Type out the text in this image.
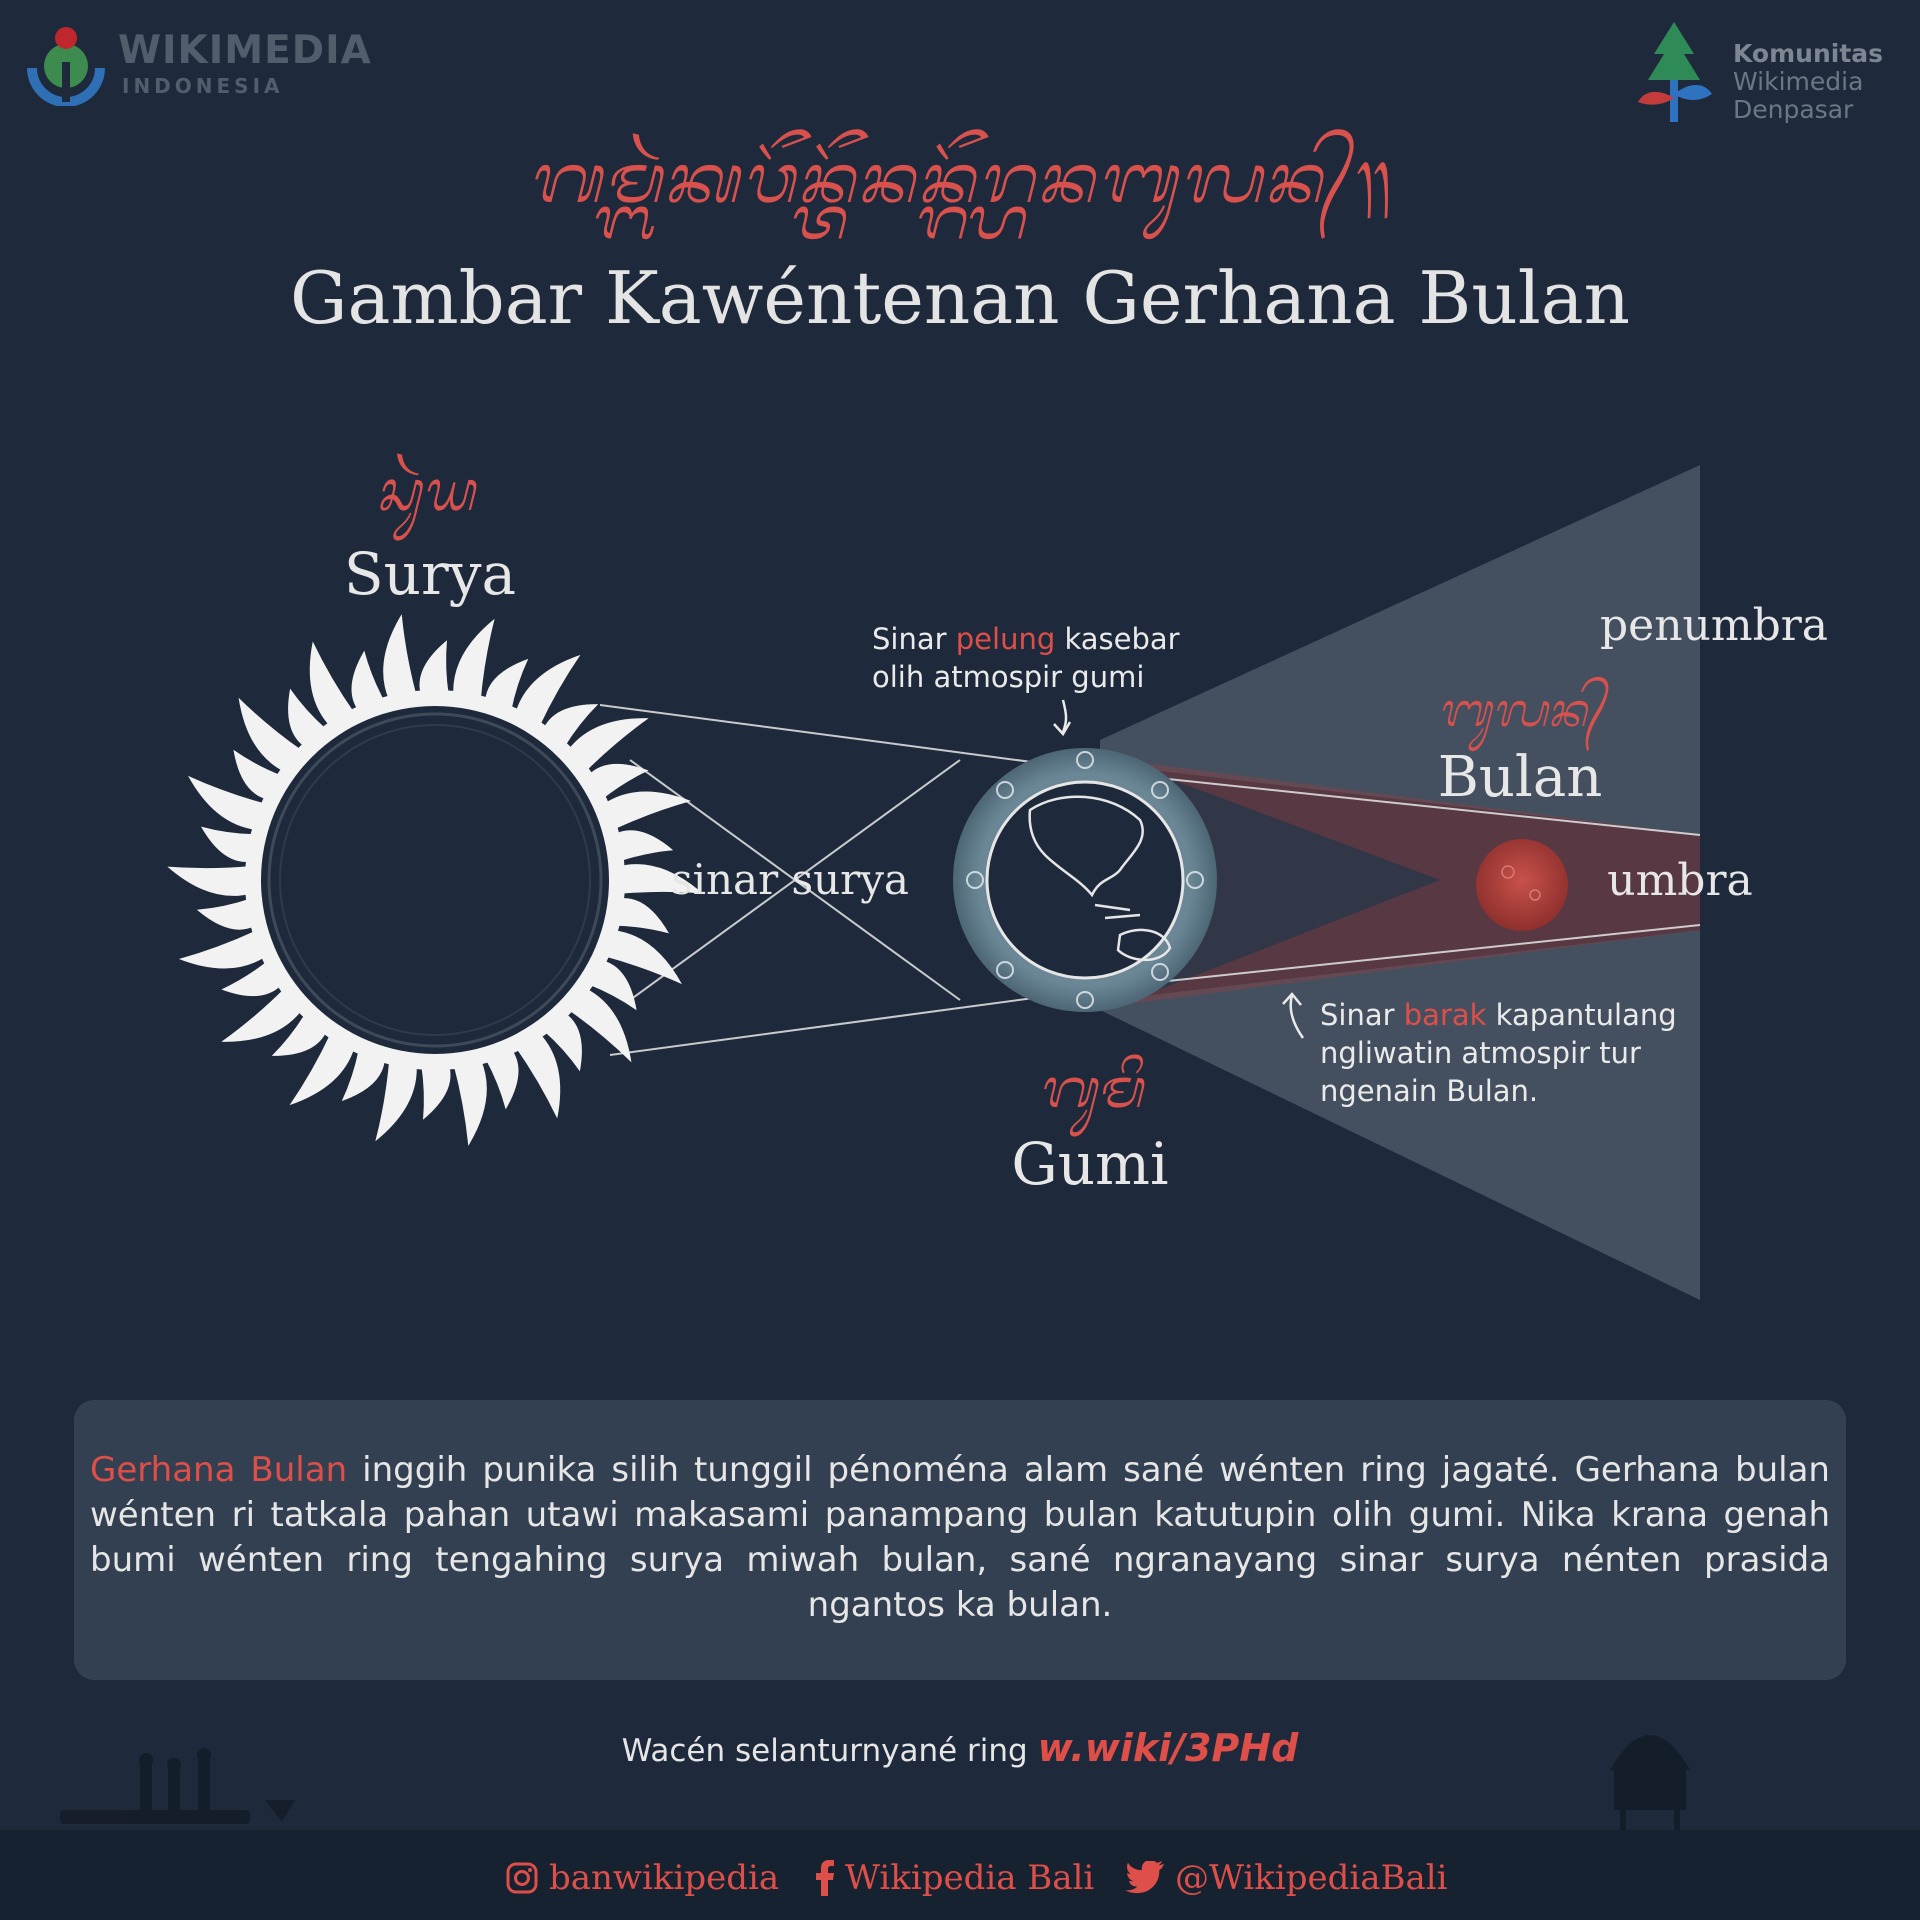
WIKIMEDIA
INDONESIA
Komunitas
Wikimedia
Denpasar
ᬕᬫ᭄ᬩᬃᬓᬯᭂᬦ᭄ᬢᭂᬦᬦ᭄ᬕᭂᬭ᭄ᬳᬦᬩᬸᬮᬦ᭄᭟
Gambar Kawéntenan Gerhana Bulan
ᬲᬸᬃᬬ
Surya
sinar surya
Sinar pelung kasebar
olih atmospir gumi
penumbra
ᬩᬸᬮᬦ᭄
Bulan
umbra
Sinar barak kapantulang
ngliwatin atmospir tur
ngenain Bulan.
ᬕᬸᬫᬶ
Gumi
Gerhana Bulan inggih punika silih tunggil pénoména alam sané wénten ring jagaté. Gerhana bulan wénten ri tatkala pahan utawi makasami panampang bulan katutupin olih gumi. Nika krana genah bumi wénten ring tengahing surya miwah bulan, sané ngranayang sinar surya nénten prasida ngantos ka bulan.
Wacén selanturnyané ring w.wiki/3PHd
banwikipedia Wikipedia Bali @WikipediaBali
